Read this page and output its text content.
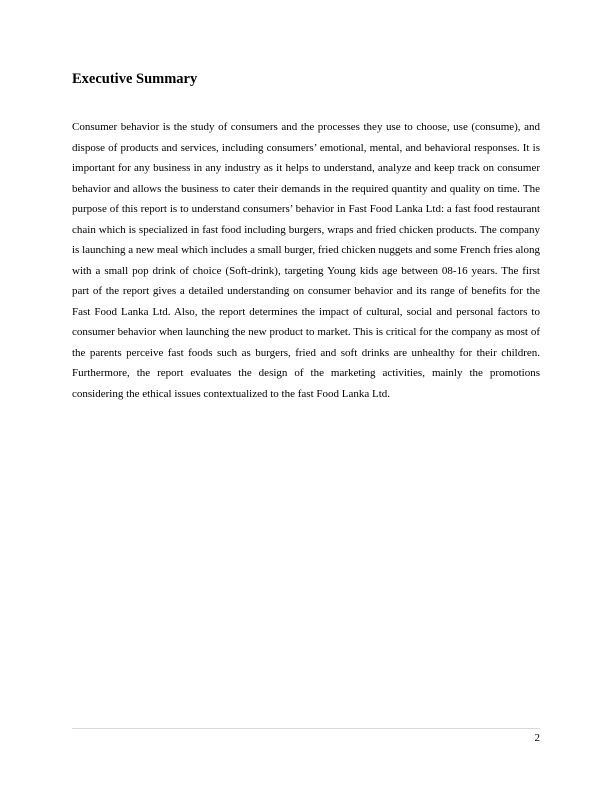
Executive Summary

Consumer behavior is the study of consumers and the processes they use to choose, use (consume), and dispose of products and services, including consumers’ emotional, mental, and behavioral responses. It is important for any business in any industry as it helps to understand, analyze and keep track on consumer behavior and allows the business to cater their demands in the required quantity and quality on time. The purpose of this report is to understand consumers’ behavior in Fast Food Lanka Ltd: a fast food restaurant chain which is specialized in fast food including burgers, wraps and fried chicken products. The company is launching a new meal which includes a small burger, fried chicken nuggets and some French fries along with a small pop drink of choice (Soft-drink), targeting Young kids age between 08-16 years. The first part of the report gives a detailed understanding on consumer behavior and its range of benefits for the Fast Food Lanka Ltd. Also, the report determines the impact of cultural, social and personal factors to consumer behavior when launching the new product to market. This is critical for the company as most of the parents perceive fast foods such as burgers, fried and soft drinks are unhealthy for their children. Furthermore, the report evaluates the design of the marketing activities, mainly the promotions considering the ethical issues contextualized to the fast Food Lanka Ltd.

2
